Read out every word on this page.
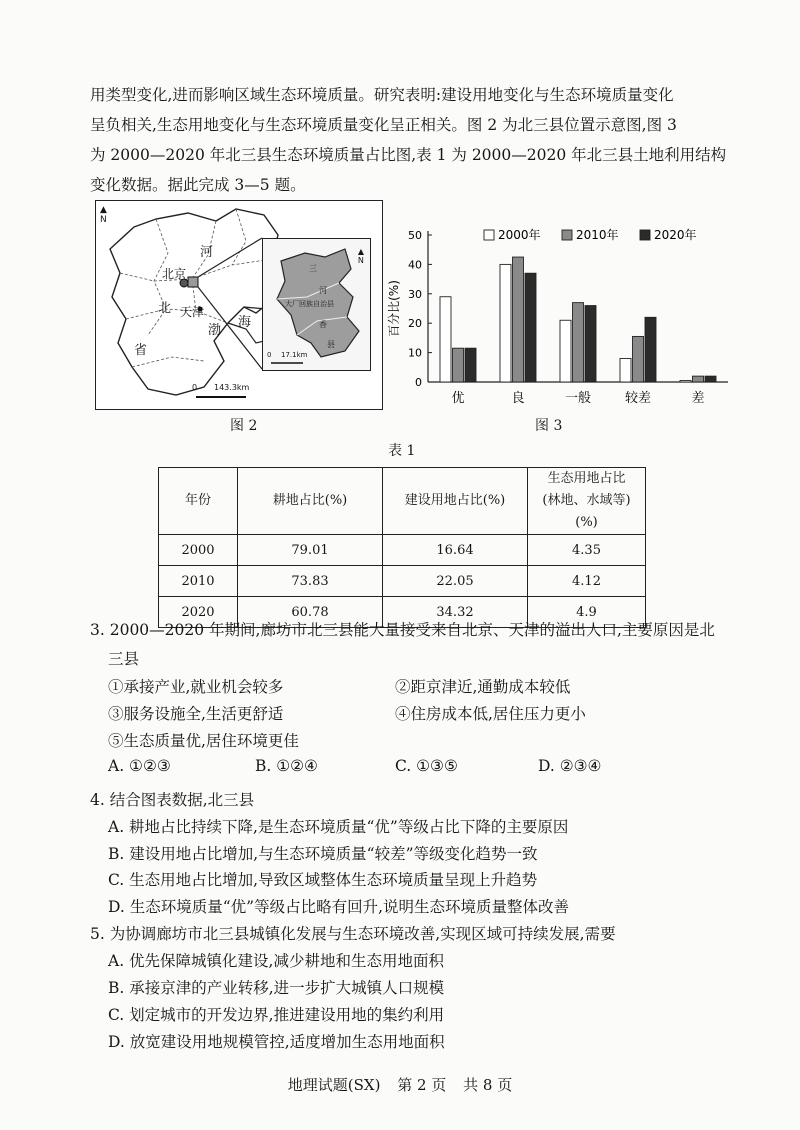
用类型变化,进而影响区域生态环境质量。研究表明:建设用地变化与生态环境质量变化
呈负相关,生态用地变化与生态环境质量变化呈正相关。图 2 为北三县位置示意图,图 3
为 2000—2020 年北三县生态环境质量占比图,表 1 为 2000—2020 年北三县土地利用结构
变化数据。据此完成 3—5 题。
▲
N
河
北京
北 天津
渤
海
省
0 143.3km
▲
N
三
大厂回族自治县
河
香
县
0 17.1km
图 2
0
10
20
30
40
50
百分比(%)
优	良	一般	较差	差
2000年	2010年	2020年
图 3
表 1
年份	耕地占比(%)	建设用地占比(%)	生态用地占比
(林地、水域等)(%)
2000	79.01	16.64	4.35
2010	73.83	22.05	4.12
2020	60.78	34.32	4.9
3. 2000—2020 年期间,廊坊市北三县能大量接受来自北京、天津的溢出人口,主要原因是北
三县
①承接产业,就业机会较多	②距京津近,通勤成本较低
③服务设施全,生活更舒适	④住房成本低,居住压力更小
⑤生态质量优,居住环境更佳
A. ①②③	B. ①②④	C. ①③⑤	D. ②③④
4. 结合图表数据,北三县
A. 耕地占比持续下降,是生态环境质量“优”等级占比下降的主要原因
B. 建设用地占比增加,与生态环境质量“较差”等级变化趋势一致
C. 生态用地占比增加,导致区域整体生态环境质量呈现上升趋势
D. 生态环境质量“优”等级占比略有回升,说明生态环境质量整体改善
5. 为协调廊坊市北三县城镇化发展与生态环境改善,实现区域可持续发展,需要
A. 优先保障城镇化建设,减少耕地和生态用地面积
B. 承接京津的产业转移,进一步扩大城镇人口规模
C. 划定城市的开发边界,推进建设用地的集约利用
D. 放宽建设用地规模管控,适度增加生态用地面积
地理试题(SX) 第 2 页 共 8 页
